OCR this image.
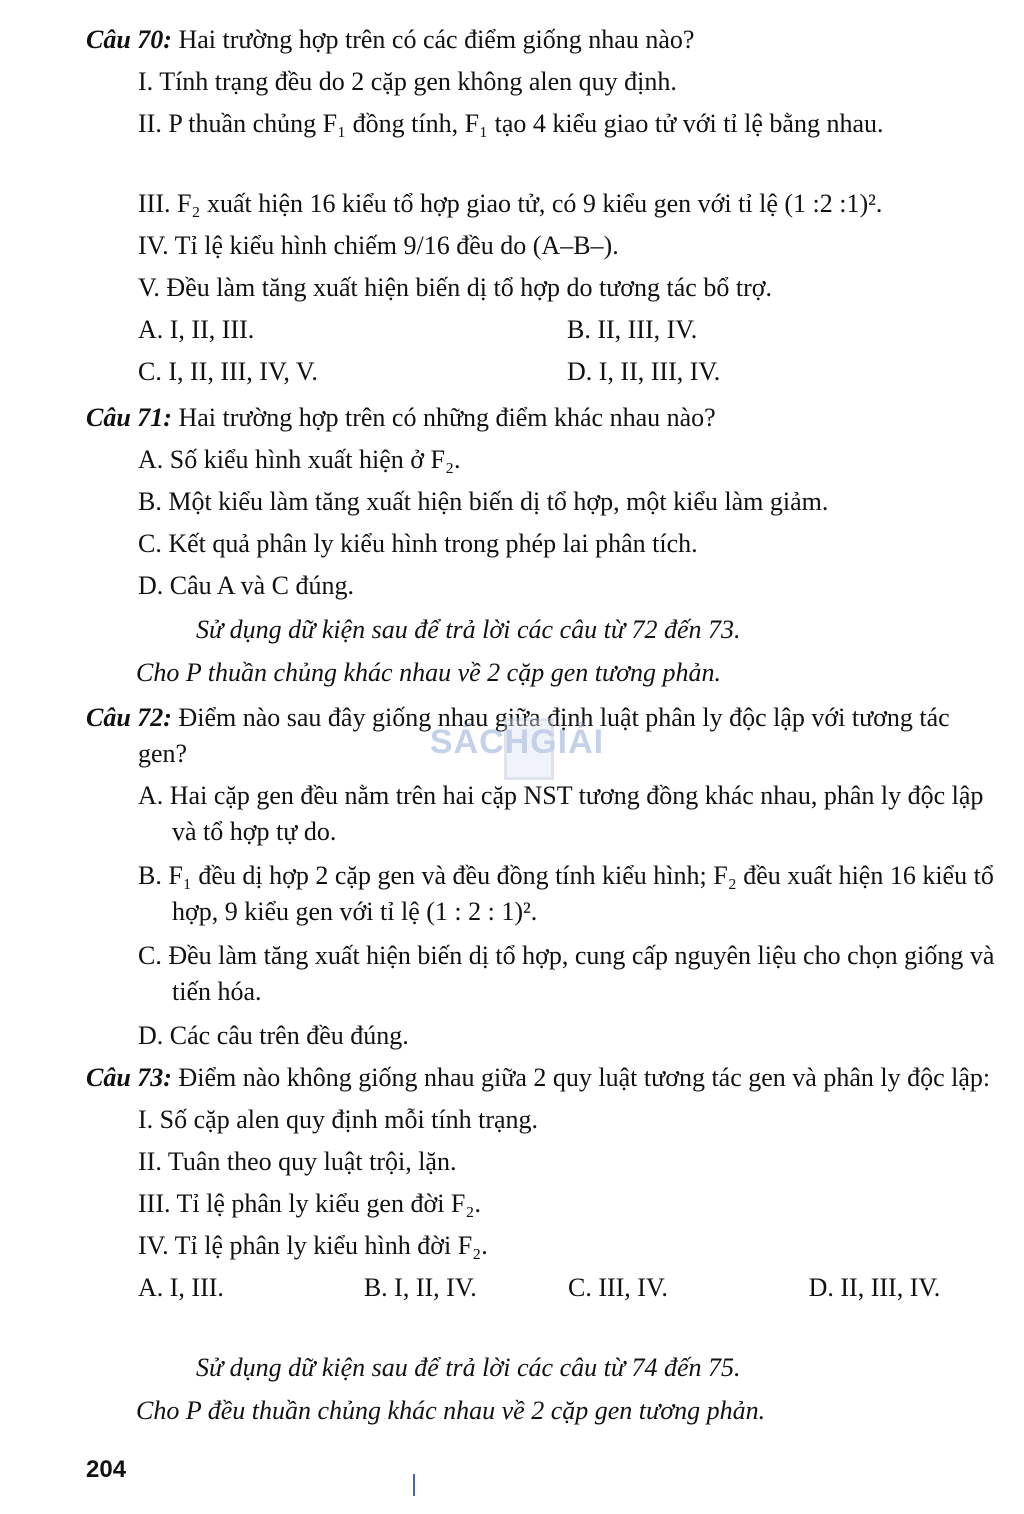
Câu 70: Hai trường hợp trên có các điểm giống nhau nào?

I. Tính trạng đều do 2 cặp gen không alen quy định.
II. P thuần chủng F₁ đồng tính, F₁ tạo 4 kiểu giao tử với tỉ lệ bằng nhau.
III. F₂ xuất hiện 16 kiểu tổ hợp giao tử, có 9 kiểu gen với tỉ lệ (1 :2 :1)².
IV. Tỉ lệ kiểu hình chiếm 9/16 đều do (A–B–).
V. Đều làm tăng xuất hiện biến dị tổ hợp do tương tác bổ trợ.
A. I, II, III.	B. II, III, IV.
C. I, II, III, IV, V.	D. I, II, III, IV.

Câu 71: Hai trường hợp trên có những điểm khác nhau nào?

A. Số kiểu hình xuất hiện ở F₂.
B. Một kiểu làm tăng xuất hiện biến dị tổ hợp, một kiểu làm giảm.
C. Kết quả phân ly kiểu hình trong phép lai phân tích.
D. Câu A và C đúng.
Sử dụng dữ kiện sau để trả lời các câu từ 72 đến 73.
Cho P thuần chủng khác nhau về 2 cặp gen tương phản.

Câu 72: Điểm nào sau đây giống nhau giữa định luật phân ly độc lập với tương tác gen?

A. Hai cặp gen đều nằm trên hai cặp NST tương đồng khác nhau, phân ly độc lập và tổ hợp tự do.
B. F₁ đều dị hợp 2 cặp gen và đều đồng tính kiểu hình; F₂ đều xuất hiện 16 kiểu tổ hợp, 9 kiểu gen với tỉ lệ (1 : 2 : 1)².
C. Đều làm tăng xuất hiện biến dị tổ hợp, cung cấp nguyên liệu cho chọn giống và tiến hóa.
D. Các câu trên đều đúng.

Câu 73: Điểm nào không giống nhau giữa 2 quy luật tương tác gen và phân ly độc lập:

I. Số cặp alen quy định mỗi tính trạng.
II. Tuân theo quy luật trội, lặn.
III. Tỉ lệ phân ly kiểu gen đời F₂.
IV. Tỉ lệ phân ly kiểu hình đời F₂.
A. I, III.	B. I, II, IV.	C. III, IV.	D. II, III, IV.
Sử dụng dữ kiện sau để trả lời các câu từ 74 đến 75.
Cho P đều thuần chủng khác nhau về 2 cặp gen tương phản.
SÁCHGIẢI
204
